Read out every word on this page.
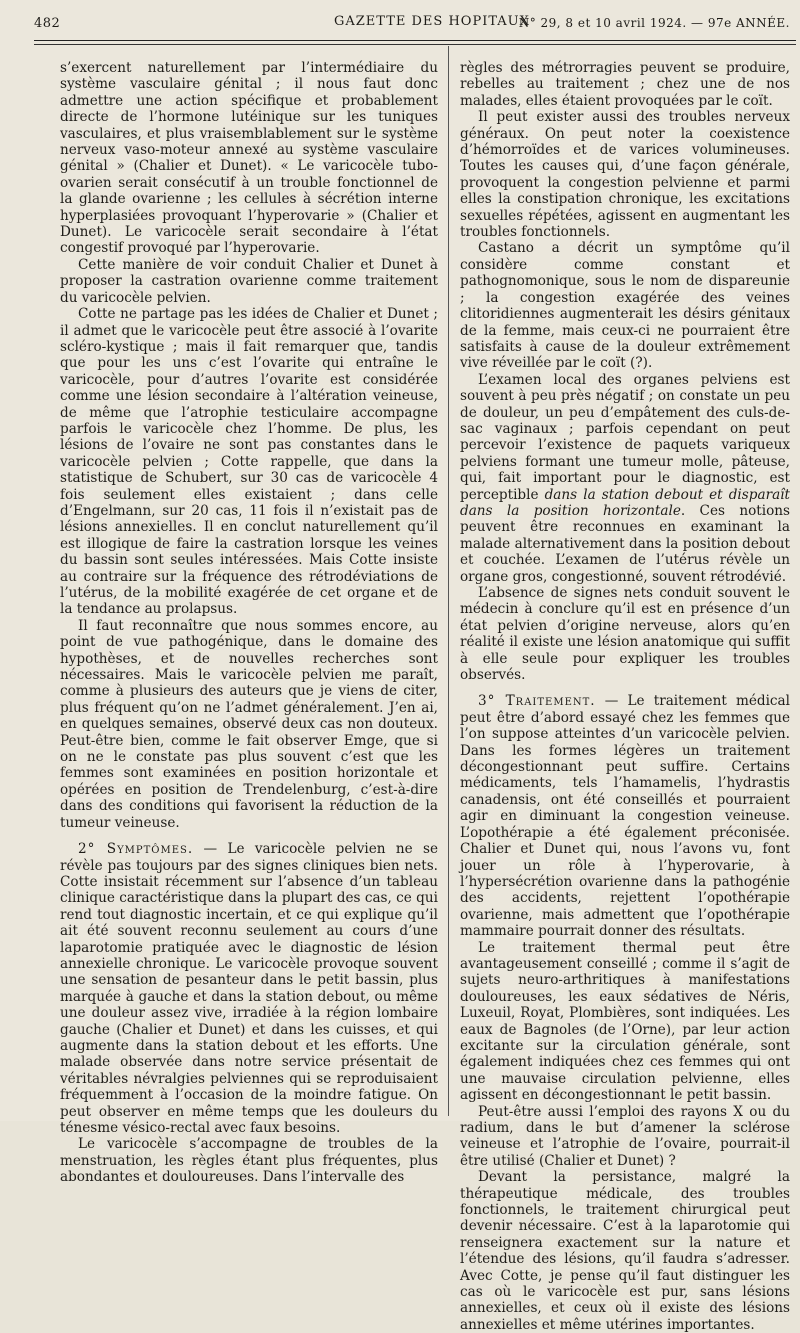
482	GAZETTE DES HOPITAUX
N° 29, 8 et 10 avril 1924. — 97e ANNÉE.

s’exercent naturellement par l’intermédiaire du système vasculaire génital ; il nous faut donc admettre une action spécifique et probablement directe de l’hormone lutéinique sur les tuniques vasculaires, et plus vraisemblablement sur le système nerveux vaso-moteur annexé au système vasculaire génital » (Chalier et Dunet). « Le varicocèle tubo-ovarien serait consécutif à un trouble fonctionnel de la glande ovarienne ; les cellules à sécrétion interne hyperplasiées provoquant l’hyperovarie » (Chalier et Dunet). Le varicocèle serait secondaire à l’état congestif provoqué par l’hyperovarie.

Cette manière de voir conduit Chalier et Dunet à proposer la castration ovarienne comme traitement du varicocèle pelvien.

Cotte ne partage pas les idées de Chalier et Dunet ; il admet que le varicocèle peut être associé à l’ovarite scléro-kystique ; mais il fait remarquer que, tandis que pour les uns c’est l’ovarite qui entraîne le varicocèle, pour d’autres l’ovarite est considérée comme une lésion secondaire à l’altération veineuse, de même que l’atrophie testiculaire accompagne parfois le varicocèle chez l’homme. De plus, les lésions de l’ovaire ne sont pas constantes dans le varicocèle pelvien ; Cotte rappelle, que dans la statistique de Schubert, sur 30 cas de varicocèle 4 fois seulement elles existaient ; dans celle d’Engelmann, sur 20 cas, 11 fois il n’existait pas de lésions annexielles. Il en conclut naturellement qu’il est illogique de faire la castration lorsque les veines du bassin sont seules intéressées. Mais Cotte insiste au contraire sur la fréquence des rétrodéviations de l’utérus, de la mobilité exagérée de cet organe et de la tendance au prolapsus.

Il faut reconnaître que nous sommes encore, au point de vue pathogénique, dans le domaine des hypothèses, et de nouvelles recherches sont nécessaires. Mais le varicocèle pelvien me paraît, comme à plusieurs des auteurs que je viens de citer, plus fréquent qu’on ne l’admet généralement. J’en ai, en quelques semaines, observé deux cas non douteux. Peut-être bien, comme le fait observer Emge, que si on ne le constate pas plus souvent c’est que les femmes sont examinées en position horizontale et opérées en position de Trendelenburg, c’est-à-dire dans des conditions qui favorisent la réduction de la tumeur veineuse.

2° Symptômes. — Le varicocèle pelvien ne se révèle pas toujours par des signes cliniques bien nets. Cotte insistait récemment sur l’absence d’un tableau clinique caractéristique dans la plupart des cas, ce qui rend tout diagnostic incertain, et ce qui explique qu’il ait été souvent reconnu seulement au cours d’une laparotomie pratiquée avec le diagnostic de lésion annexielle chronique. Le varicocèle provoque souvent une sensation de pesanteur dans le petit bassin, plus marquée à gauche et dans la station debout, ou même une douleur assez vive, irradiée à la région lombaire gauche (Chalier et Dunet) et dans les cuisses, et qui augmente dans la station debout et les efforts. Une malade observée dans notre service présentait de véritables névralgies pelviennes qui se reproduisaient fréquemment à l’occasion de la moindre fatigue. On peut observer en même temps que les douleurs du ténesme vésico-rectal avec faux besoins.

Le varicocèle s’accompagne de troubles de la menstruation, les règles étant plus fréquentes, plus abondantes et douloureuses. Dans l’intervalle des

règles des métrorragies peuvent se produire, rebelles au traitement ; chez une de nos malades, elles étaient provoquées par le coït.

Il peut exister aussi des troubles nerveux généraux. On peut noter la coexistence d’hémorroïdes et de varices volumineuses. Toutes les causes qui, d’une façon générale, provoquent la congestion pelvienne et parmi elles la constipation chronique, les excitations sexuelles répétées, agissent en augmentant les troubles fonctionnels.

Castano a décrit un symptôme qu’il considère comme constant et pathognomonique, sous le nom de dispareunie ; la congestion exagérée des veines clitoridiennes augmenterait les désirs génitaux de la femme, mais ceux-ci ne pourraient être satisfaits à cause de la douleur extrêmement vive réveillée par le coït (?).

L’examen local des organes pelviens est souvent à peu près négatif ; on constate un peu de douleur, un peu d’empâtement des culs-de-sac vaginaux ; parfois cependant on peut percevoir l’existence de paquets variqueux pelviens formant une tumeur molle, pâteuse, qui, fait important pour le diagnostic, est perceptible dans la station debout et disparaît dans la position horizontale. Ces notions peuvent être reconnues en examinant la malade alternativement dans la position debout et couchée. L’examen de l’utérus révèle un organe gros, congestionné, souvent rétrodévié.

L’absence de signes nets conduit souvent le médecin à conclure qu’il est en présence d’un état pelvien d’origine nerveuse, alors qu’en réalité il existe une lésion anatomique qui suffit à elle seule pour expliquer les troubles observés.

3° Traitement. — Le traitement médical peut être d’abord essayé chez les femmes que l’on suppose atteintes d’un varicocèle pelvien. Dans les formes légères un traitement décongestionnant peut suffire. Certains médicaments, tels l’hamamelis, l’hydrastis canadensis, ont été conseillés et pourraient agir en diminuant la congestion veineuse. L’opothérapie a été également préconisée. Chalier et Dunet qui, nous l’avons vu, font jouer un rôle à l’hyperovarie, à l’hypersécrétion ovarienne dans la pathogénie des accidents, rejettent l’opothérapie ovarienne, mais admettent que l’opothérapie mammaire pourrait donner des résultats.

Le traitement thermal peut être avantageusement conseillé ; comme il s’agit de sujets neuro-arthritiques à manifestations douloureuses, les eaux sédatives de Néris, Luxeuil, Royat, Plombières, sont indiquées. Les eaux de Bagnoles (de l’Orne), par leur action excitante sur la circulation générale, sont également indiquées chez ces femmes qui ont une mauvaise circulation pelvienne, elles agissent en décongestionnant le petit bassin.

Peut-être aussi l’emploi des rayons X ou du radium, dans le but d’amener la sclérose veineuse et l’atrophie de l’ovaire, pourrait-il être utilisé (Chalier et Dunet) ?

Devant la persistance, malgré la thérapeutique médicale, des troubles fonctionnels, le traitement chirurgical peut devenir nécessaire. C’est à la laparotomie qui renseignera exactement sur la nature et l’étendue des lésions, qu’il faudra s’adresser. Avec Cotte, je pense qu’il faut distinguer les cas où le varicocèle est pur, sans lésions annexielles, et ceux où il existe des lésions annexielles et même utérines importantes.
